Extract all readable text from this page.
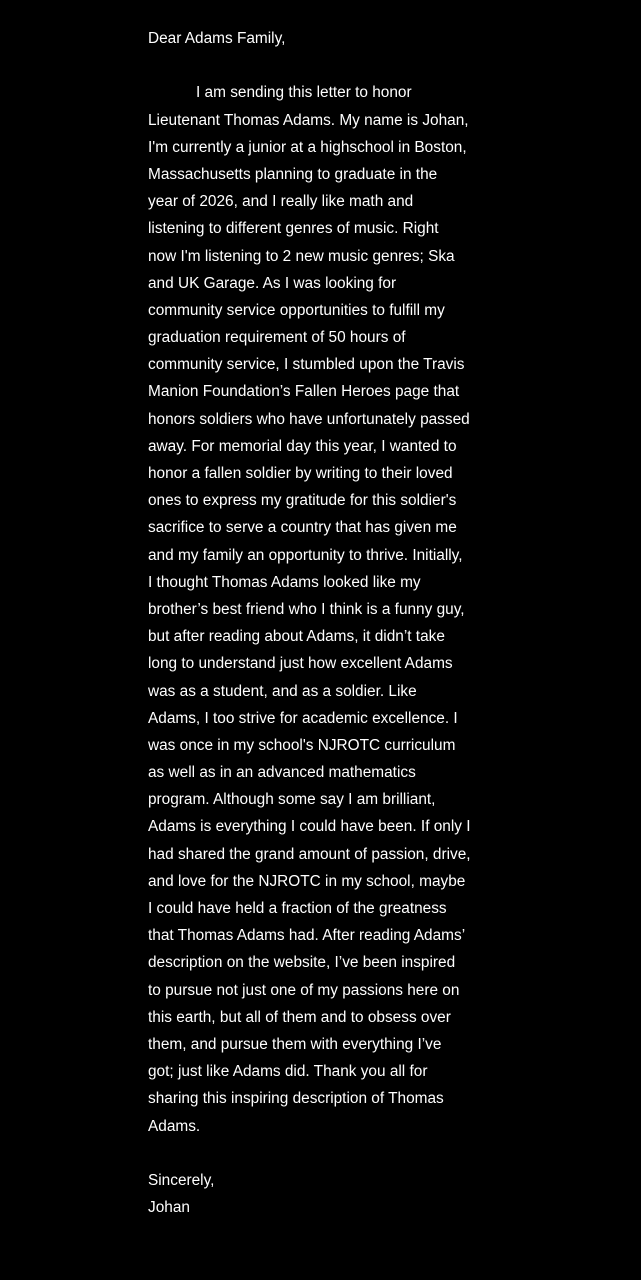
Dear Adams Family,
I am sending this letter to honor
Lieutenant Thomas Adams. My name is Johan,
I'm currently a junior at a highschool in Boston,
Massachusetts planning to graduate in the
year of 2026, and I really like math and
listening to different genres of music. Right
now I'm listening to 2 new music genres; Ska
and UK Garage. As I was looking for
community service opportunities to fulfill my
graduation requirement of 50 hours of
community service, I stumbled upon the Travis
Manion Foundation’s Fallen Heroes page that
honors soldiers who have unfortunately passed
away. For memorial day this year, I wanted to
honor a fallen soldier by writing to their loved
ones to express my gratitude for this soldier's
sacrifice to serve a country that has given me
and my family an opportunity to thrive. Initially,
I thought Thomas Adams looked like my
brother’s best friend who I think is a funny guy,
but after reading about Adams, it didn’t take
long to understand just how excellent Adams
was as a student, and as a soldier. Like
Adams, I too strive for academic excellence. I
was once in my school's NJROTC curriculum
as well as in an advanced mathematics
program. Although some say I am brilliant,
Adams is everything I could have been. If only I
had shared the grand amount of passion, drive,
and love for the NJROTC in my school, maybe
I could have held a fraction of the greatness
that Thomas Adams had. After reading Adams’
description on the website, I’ve been inspired
to pursue not just one of my passions here on
this earth, but all of them and to obsess over
them, and pursue them with everything I’ve
got; just like Adams did. Thank you all for
sharing this inspiring description of Thomas
Adams.
Sincerely,
Johan
